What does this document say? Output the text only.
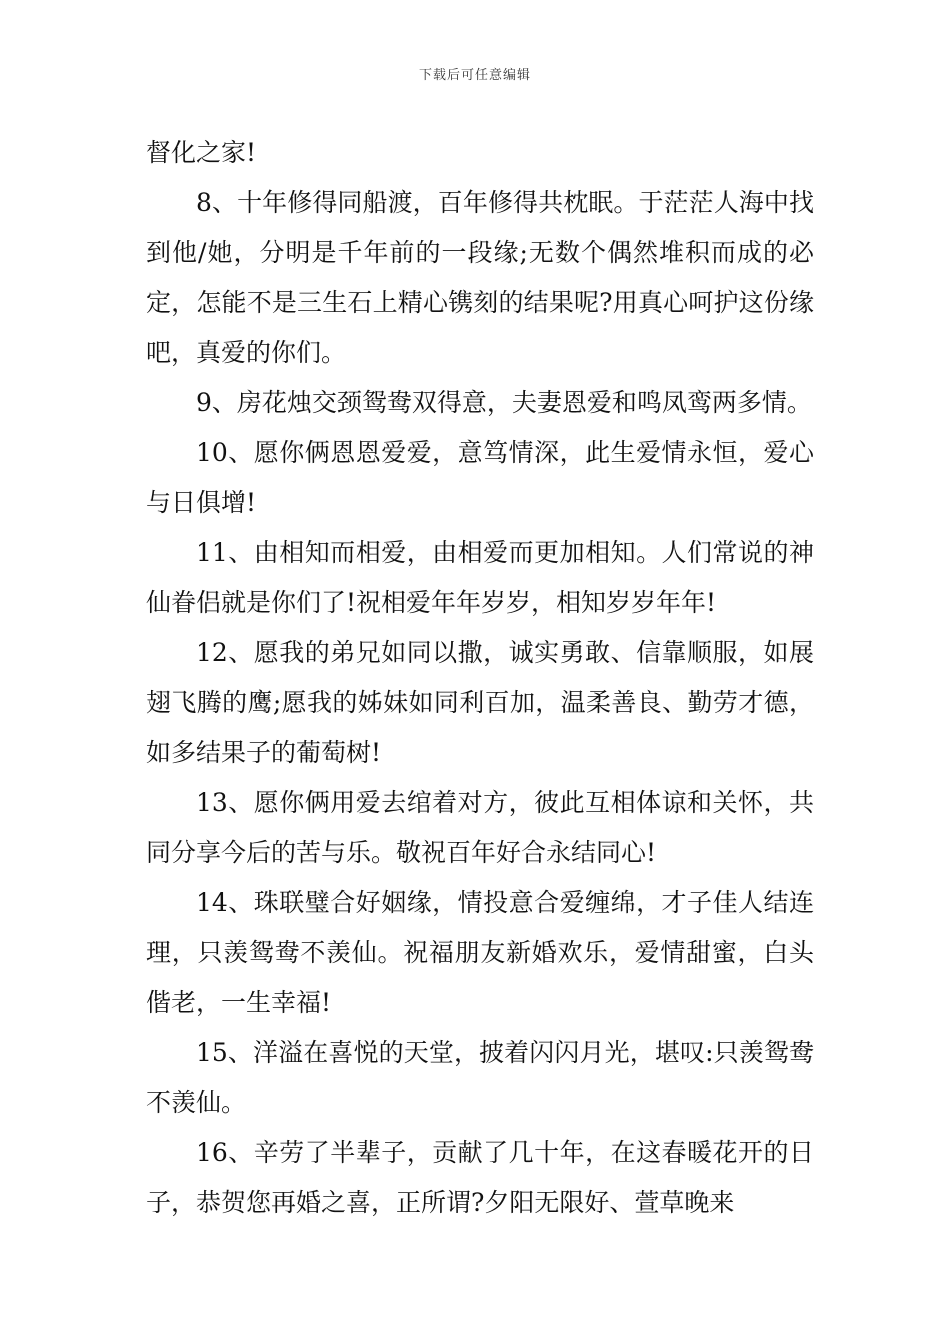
下载后可任意编辑

督化之家!

8、十年修得同船渡，百年修得共枕眠。于茫茫人海中找到他/她，分明是千年前的一段缘;无数个偶然堆积而成的必定，怎能不是三生石上精心镌刻的结果呢?用真心呵护这份缘吧，真爱的你们。

9、房花烛交颈鸳鸯双得意，夫妻恩爱和鸣凤鸾两多情。

10、愿你俩恩恩爱爱，意笃情深，此生爱情永恒，爱心与日俱增!

11、由相知而相爱，由相爱而更加相知。人们常说的神仙眷侣就是你们了!祝相爱年年岁岁，相知岁岁年年!

12、愿我的弟兄如同以撒，诚实勇敢、信靠顺服，如展翅飞腾的鹰;愿我的姊妹如同利百加，温柔善良、勤劳才德，如多结果子的葡萄树!

13、愿你俩用爱去绾着对方，彼此互相体谅和关怀，共同分享今后的苦与乐。敬祝百年好合永结同心!

14、珠联璧合好姻缘，情投意合爱缠绵，才子佳人结连理，只羡鸳鸯不羡仙。祝福朋友新婚欢乐，爱情甜蜜，白头偕老，一生幸福!

15、洋溢在喜悦的天堂，披着闪闪月光，堪叹:只羡鸳鸯不羡仙。

16、辛劳了半辈子，贡献了几十年，在这春暖花开的日子，恭贺您再婚之喜，正所谓?夕阳无限好、萱草晚来
